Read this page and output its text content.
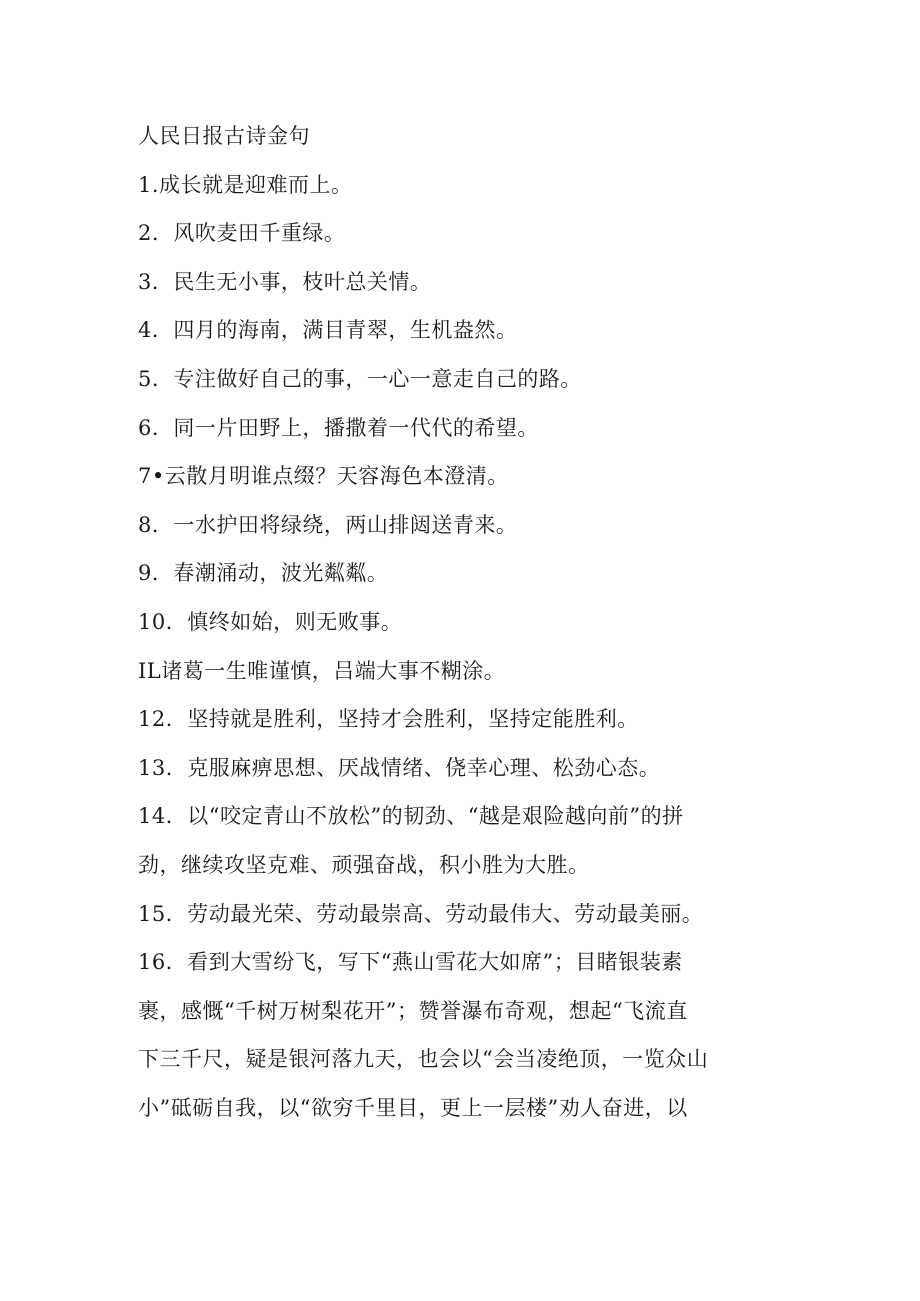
人民日报古诗金句

1.成长就是迎难而上。

2．风吹麦田千重绿。

3．民生无小事，枝叶总关情。

4．四月的海南，满目青翠，生机盎然。

5．专注做好自己的事，一心一意走自己的路。

6．同一片田野上，播撒着一代代的希望。

7•云散月明谁点缀？天容海色本澄清。

8．一水护田将绿绕，两山排闼送青来。

9．春潮涌动，波光粼粼。

10．慎终如始，则无败事。

IL诸葛一生唯谨慎，吕端大事不糊涂。

12．坚持就是胜利，坚持才会胜利，坚持定能胜利。

13．克服麻痹思想、厌战情绪、侥幸心理、松劲心态。

14．以“咬定青山不放松”的韧劲、“越是艰险越向前”的拼

劲，继续攻坚克难、顽强奋战，积小胜为大胜。

15．劳动最光荣、劳动最崇高、劳动最伟大、劳动最美丽。

16．看到大雪纷飞，写下“燕山雪花大如席”；目睹银装素

裹，感慨“千树万树梨花开”；赞誉瀑布奇观，想起“飞流直

下三千尺，疑是银河落九天，也会以“会当凌绝顶，一览众山

小”砥砺自我，以“欲穷千里目，更上一层楼”劝人奋进，以
